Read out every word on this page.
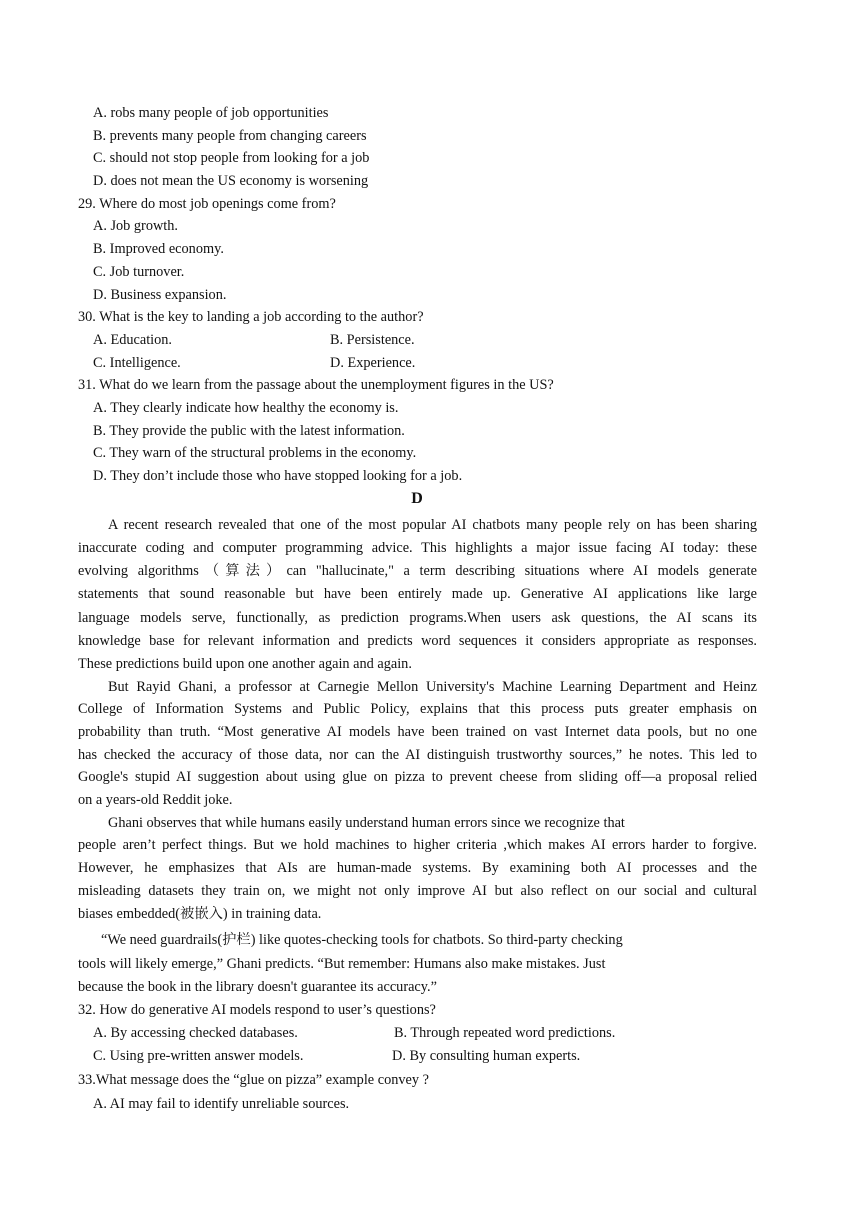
A. robs many people of job opportunities
B. prevents many people from changing careers
C. should not stop people from looking for a job
D. does not mean the US economy is worsening
29. Where do most job openings come from?
A. Job growth.
B. Improved economy.
C. Job turnover.
D. Business expansion.
30. What is the key to landing a job according to the author?
A. Education.	B. Persistence.
C. Intelligence.	D. Experience.
31. What do we learn from the passage about the unemployment figures in the US?
A. They clearly indicate how healthy the economy is.
B. They provide the public with the latest information.
C. They warn of the structural problems in the economy.
D. They don’t include those who have stopped looking for a job.
D
A recent research revealed that one of the most popular AI chatbots many people rely on has been sharing
inaccurate coding and computer programming advice. This highlights a major issue facing AI today: these
evolving algorithms（算法）can "hallucinate," a term describing situations where AI models generate
statements that sound reasonable but have been entirely made up. Generative AI applications like large
language models serve, functionally, as prediction programs.When users ask questions, the AI scans its
knowledge base for relevant information and predicts word sequences it considers appropriate as responses.
These predictions build upon one another again and again.
But Rayid Ghani, a professor at Carnegie Mellon University's Machine Learning Department and Heinz
College of Information Systems and Public Policy, explains that this process puts greater emphasis on
probability than truth. “Most generative AI models have been trained on vast Internet data pools, but no one
has checked the accuracy of those data, nor can the AI distinguish trustworthy sources,” he notes. This led to
Google's stupid AI suggestion about using glue on pizza to prevent cheese from sliding off—a proposal relied
on a years-old Reddit joke.
Ghani observes that while humans easily understand human errors since we recognize that
people aren’t perfect things. But we hold machines to higher criteria ,which makes AI errors harder to forgive.
However, he emphasizes that AIs are human-made systems. By examining both AI processes and the
misleading datasets they train on, we might not only improve AI but also reflect on our social and cultural
biases embedded(被嵌入) in training data.
“We need guardrails(护栏) like quotes-checking tools for chatbots. So third-party checking
tools will likely emerge,” Ghani predicts. “But remember: Humans also make mistakes. Just
because the book in the library doesn't guarantee its accuracy.”
32. How do generative AI models respond to user’s questions?
A. By accessing checked databases.	B. Through repeated word predictions.
C. Using pre-written answer models.	D. By consulting human experts.
33.What message does the “glue on pizza” example convey ?
A. AI may fail to identify unreliable sources.
